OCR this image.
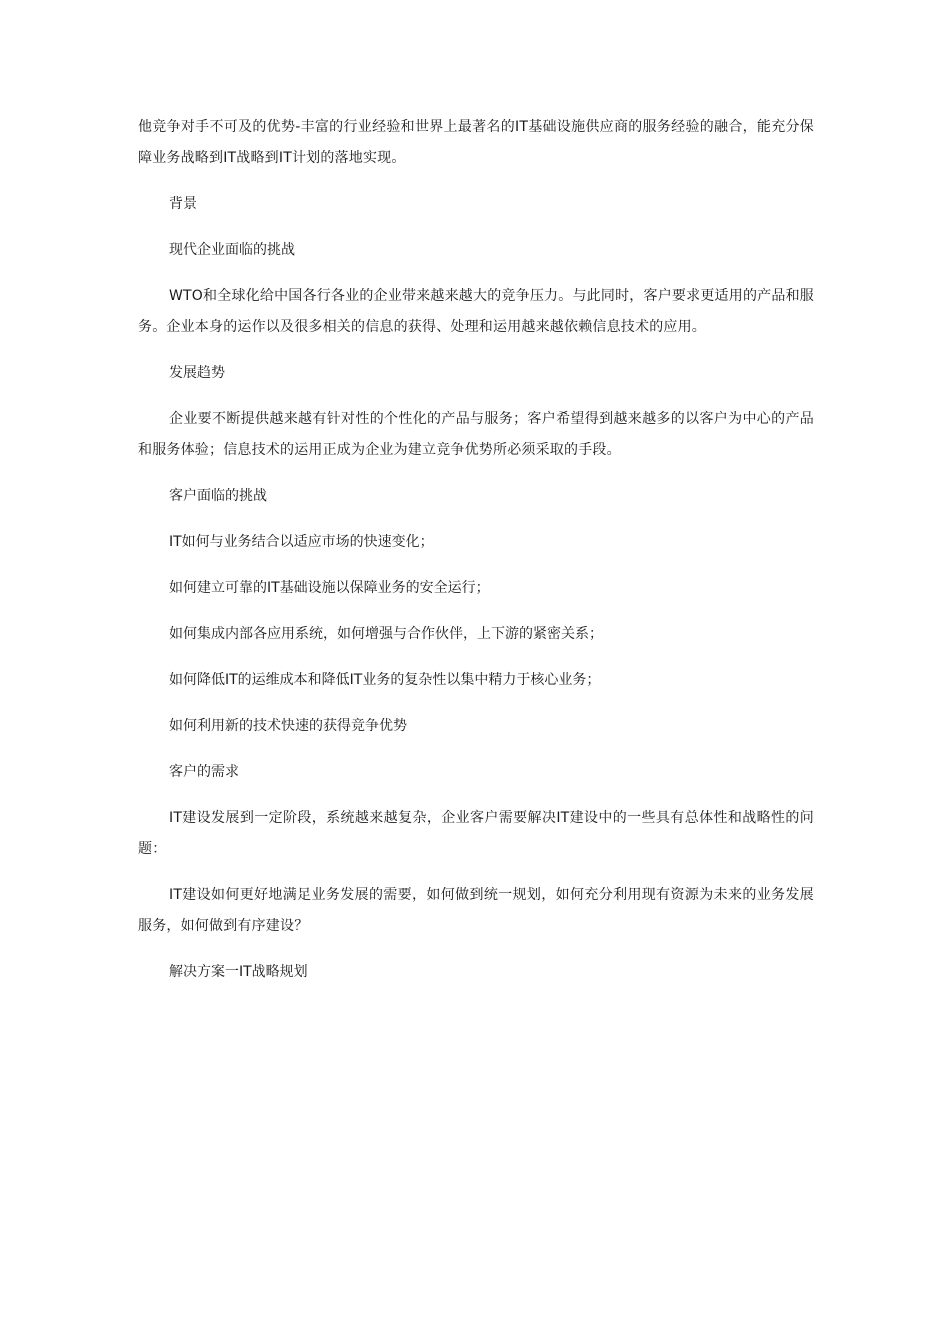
他竞争对手不可及的优势-丰富的行业经验和世界上最著名的IT基础设施供应商的服务经验的融合，能充分保障业务战略到IT战略到IT计划的落地实现。

背景

现代企业面临的挑战

WTO和全球化给中国各行各业的企业带来越来越大的竞争压力。与此同时，客户要求更适用的产品和服务。企业本身的运作以及很多相关的信息的获得、处理和运用越来越依赖信息技术的应用。

发展趋势

企业要不断提供越来越有针对性的个性化的产品与服务；客户希望得到越来越多的以客户为中心的产品和服务体验；信息技术的运用正成为企业为建立竞争优势所必须采取的手段。

客户面临的挑战

IT如何与业务结合以适应市场的快速变化；

如何建立可靠的IT基础设施以保障业务的安全运行；

如何集成内部各应用系统，如何增强与合作伙伴，上下游的紧密关系；

如何降低IT的运维成本和降低IT业务的复杂性以集中精力于核心业务；

如何利用新的技术快速的获得竞争优势

客户的需求

IT建设发展到一定阶段，系统越来越复杂，企业客户需要解决IT建设中的一些具有总体性和战略性的问题：

IT建设如何更好地满足业务发展的需要，如何做到统一规划，如何充分利用现有资源为未来的业务发展服务，如何做到有序建设？

解决方案一IT战略规划
